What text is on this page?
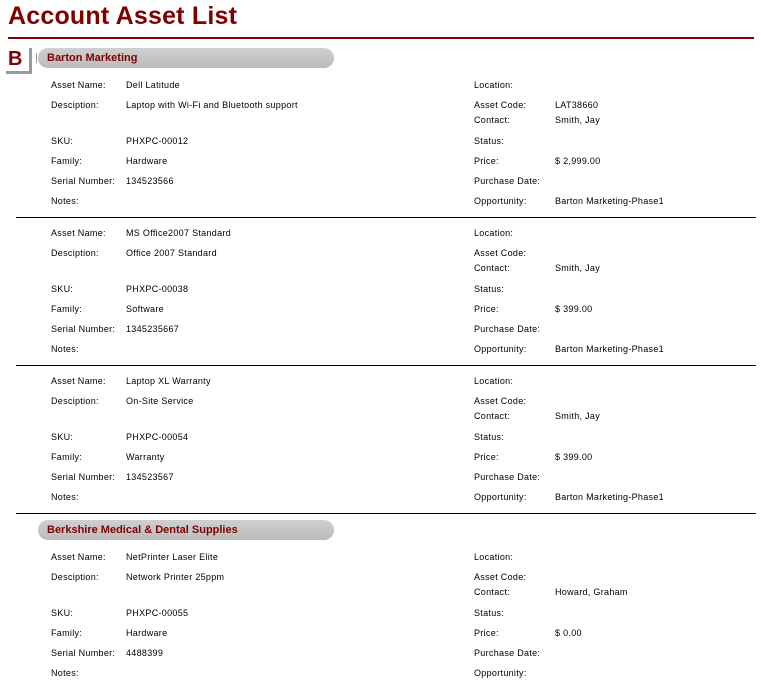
Account Asset List
B	Barton Marketing
Asset Name: Dell Latitude
Desciption:	Laptop with Wi-Fi and Bluetooth support
SKU:	PHXPC-00012
Family:	Hardware
Serial Number: 134523566
Notes:
Location:
Asset Code:	LAT38660
Contact:	Smith, Jay
Status:
Price:	$ 2,999.00
Purchase Date:
Opportunity:	Barton Marketing-Phase1
Asset Name: MS Office2007 Standard
Desciption:	Office 2007 Standard
SKU:	PHXPC-00038
Family:	Software
Serial Number: 1345235667
Notes:
Location:
Asset Code:
Contact:	Smith, Jay
Status:
Price:	$ 399.00
Purchase Date:
Opportunity:	Barton Marketing-Phase1
Asset Name: Laptop XL Warranty
Desciption:	On-Site Service
SKU:	PHXPC-00054
Family:	Warranty
Serial Number: 134523567
Notes:
Location:
Asset Code:
Contact:	Smith, Jay
Status:
Price:	$ 399.00
Purchase Date:
Opportunity:	Barton Marketing-Phase1
Asset Name: NetPrinter Laser Elite
Desciption:	Network Printer 25ppm
SKU:	PHXPC-00055
Family:	Hardware
Serial Number: 4488399
Notes:
Location:
Asset Code:
Contact:	Howard, Graham
Status:
Price:	$ 0.00
Purchase Date:
Opportunity:
Berkshire Medical & Dental Supplies
